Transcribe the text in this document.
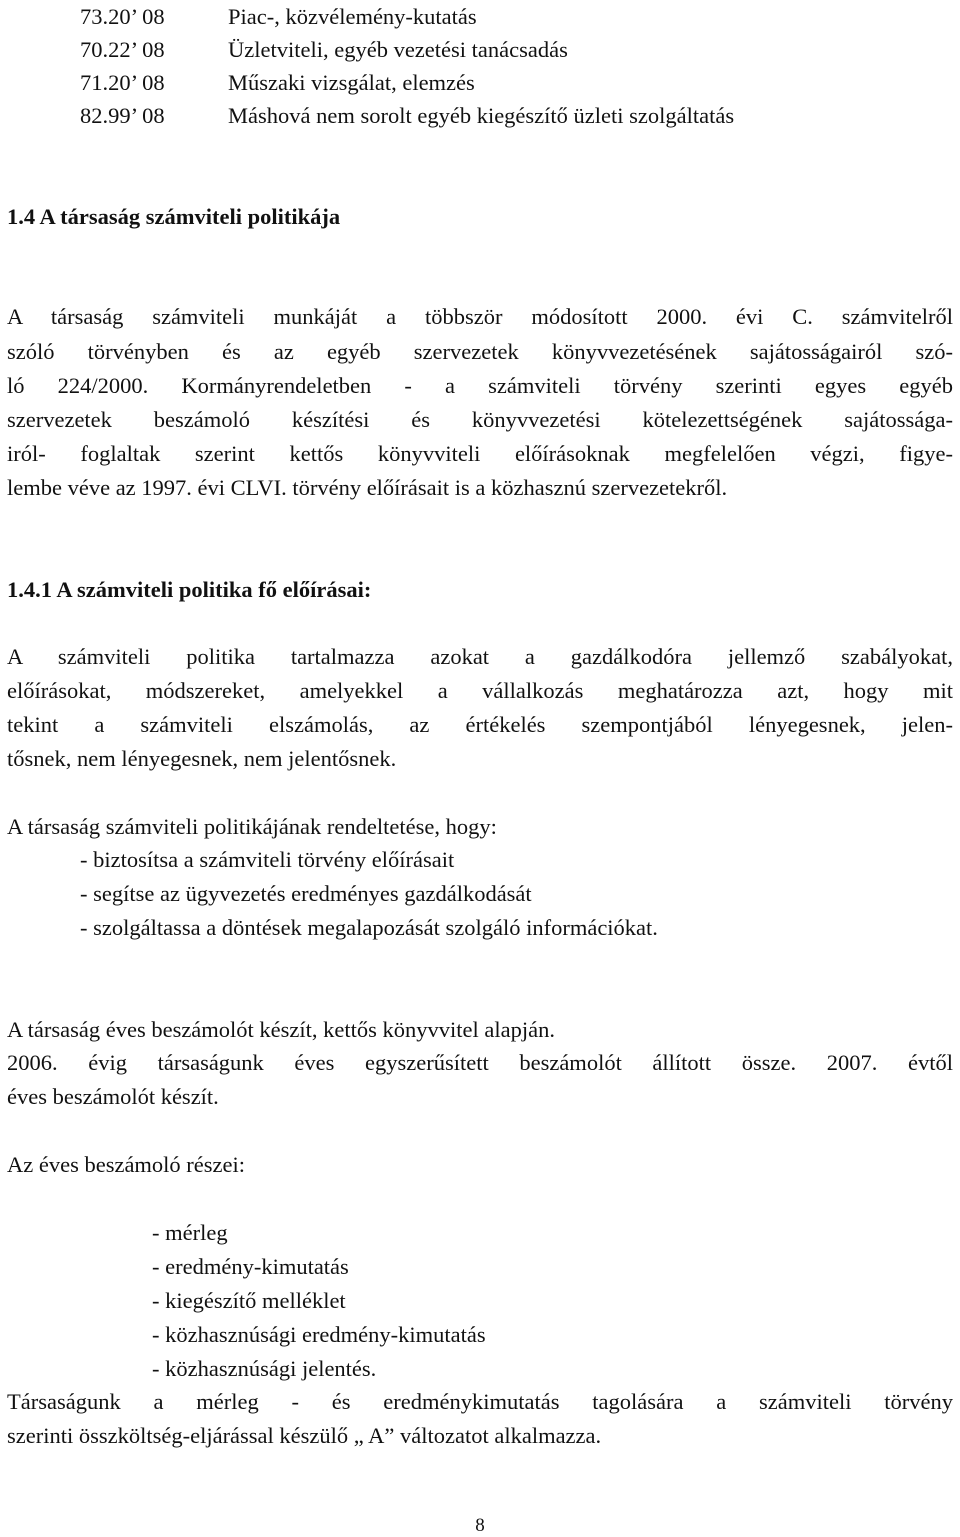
73.20’ 08	Piac-, közvélemény-kutatás
70.22’ 08	Üzletviteli, egyéb vezetési tanácsadás
71.20’ 08	Műszaki vizsgálat, elemzés
82.99’ 08	Máshová nem sorolt egyéb kiegészítő üzleti szolgáltatás
1.4 A társaság számviteli politikája
A társaság számviteli munkáját a többször módosított 2000. évi C. számvitelről
szóló törvényben és az egyéb szervezetek könyvvezetésének sajátosságairól szó-
ló 224/2000. Kormányrendeletben - a számviteli törvény szerinti egyes egyéb
szervezetek beszámoló készítési és könyvvezetési kötelezettségének sajátossága-
iról- foglaltak szerint kettős könyvviteli előírásoknak megfelelően végzi, figye-
lembe véve az 1997. évi CLVI. törvény előírásait is a közhasznú szervezetekről.
1.4.1 A számviteli politika fő előírásai:
A számviteli politika tartalmazza azokat a gazdálkodóra jellemző szabályokat,
előírásokat, módszereket, amelyekkel a vállalkozás meghatározza azt, hogy mit
tekint a számviteli elszámolás, az értékelés szempontjából lényegesnek, jelen-
tősnek, nem lényegesnek, nem jelentősnek.
A társaság számviteli politikájának rendeltetése, hogy:
- biztosítsa a számviteli törvény előírásait
- segítse az ügyvezetés eredményes gazdálkodását
- szolgáltassa a döntések megalapozását szolgáló információkat.
A társaság éves beszámolót készít, kettős könyvvitel alapján.
2006. évig társaságunk éves egyszerűsített beszámolót állított össze. 2007. évtől
éves beszámolót készít.
Az éves beszámoló részei:
- mérleg
- eredmény-kimutatás
- kiegészítő melléklet
- közhasznúsági eredmény-kimutatás
- közhasznúsági jelentés.
Társaságunk a mérleg - és eredménykimutatás tagolására a számviteli törvény
szerinti összköltség-eljárással készülő „ A” változatot alkalmazza.
8
